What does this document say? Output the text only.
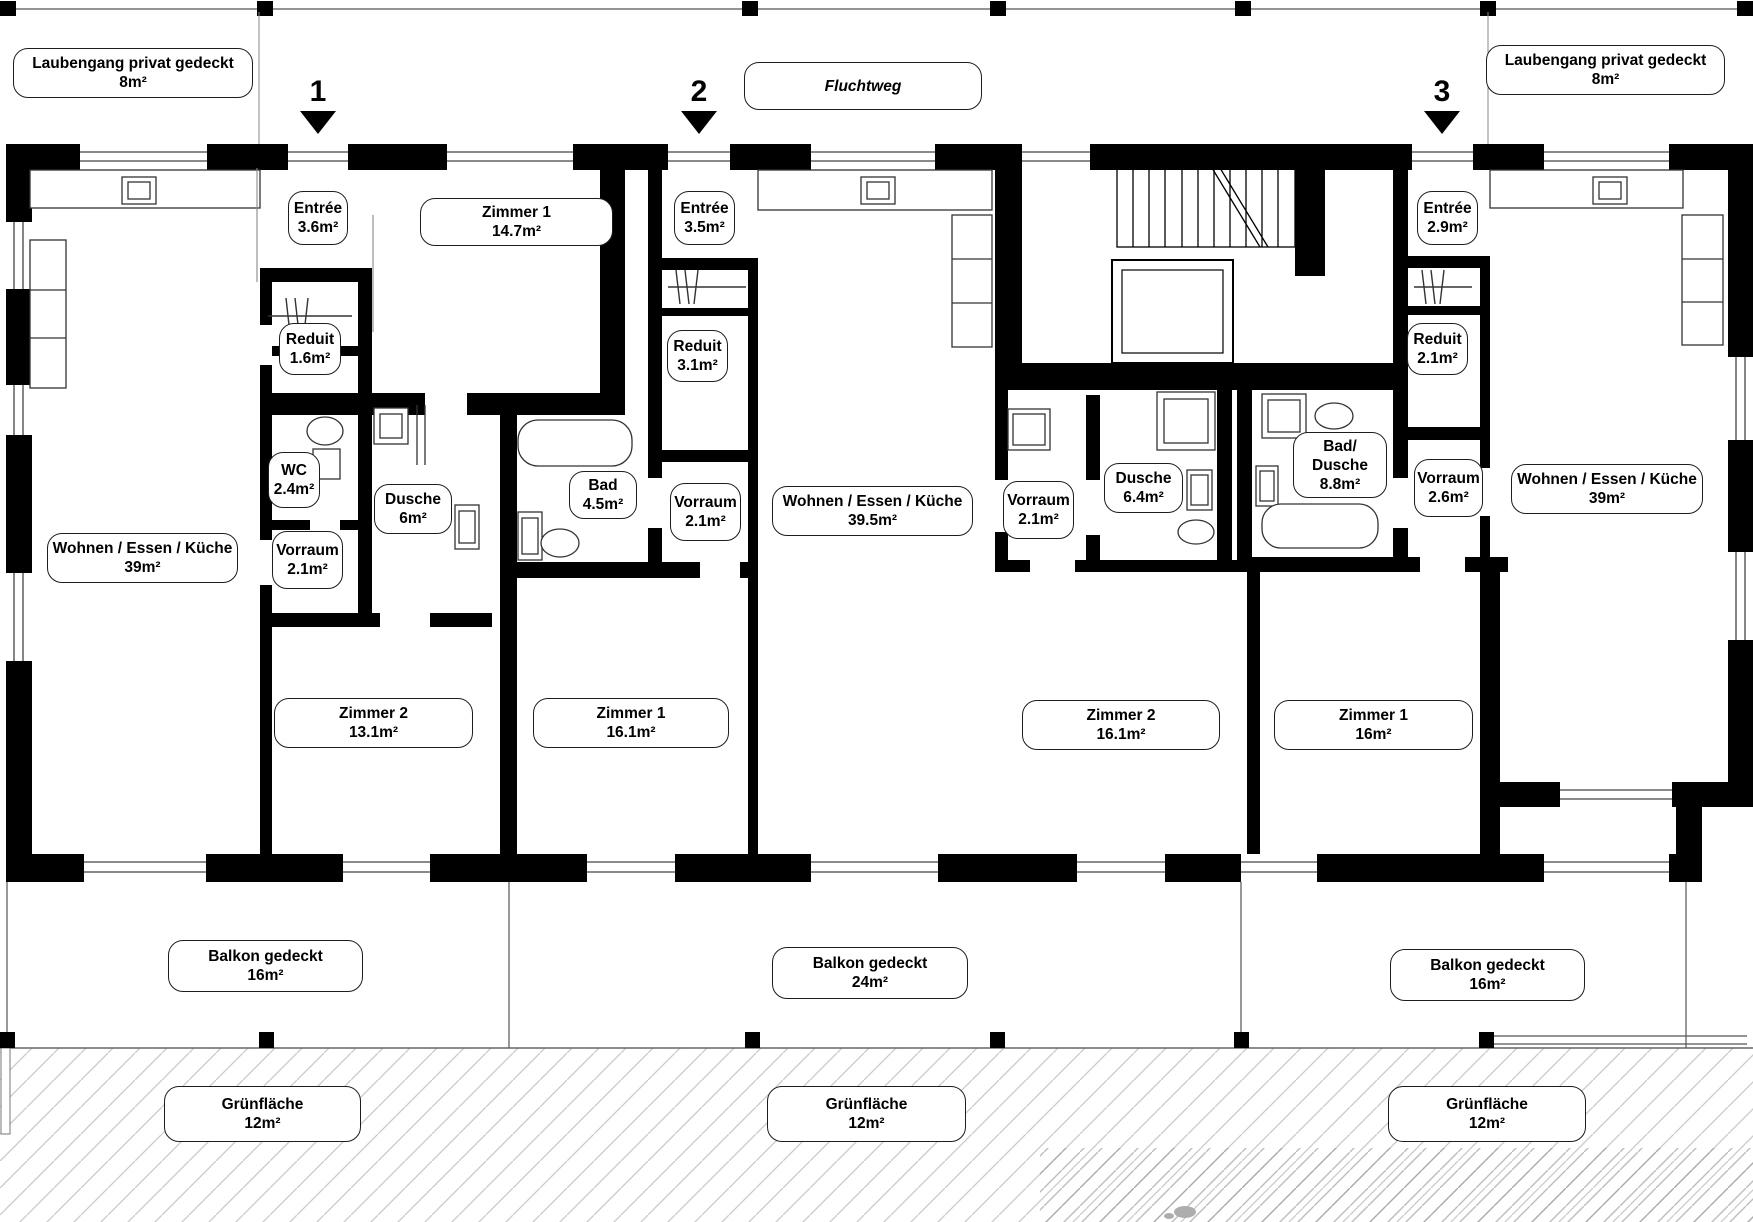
Laubengang privat gedeckt
8m²	Fluchtweg
Laubengang privat gedeckt
8m²
Entrée
3.6m²
Zimmer 1
14.7m²
Reduit
1.6m²
WC
2.4m²
Dusche
6m²
Vorraum
2.1m²
Wohnen / Essen / Küche
39m²
Zimmer 2
13.1m²
Entrée
3.5m²
Reduit
3.1m²
Bad
4.5m²	Vorraum
2.1m²
Wohnen / Essen / Küche
39.5m²
Zimmer 1
16.1m²
Vorraum
2.1m²
Dusche
6.4m²
Zimmer 2
16.1m²
Entrée
2.9m²
Reduit
2.1m²
Bad/
Dusche
8.8m²	Vorraum
2.6m²
Wohnen / Essen / Küche
39m²
Zimmer 1
16m²
Balkon gedeckt
16m²
Balkon gedeckt
24m²
Balkon gedeckt
16m²
Grünfläche
12m²
Grünfläche
12m²
Grünfläche
12m²
1	2	3
